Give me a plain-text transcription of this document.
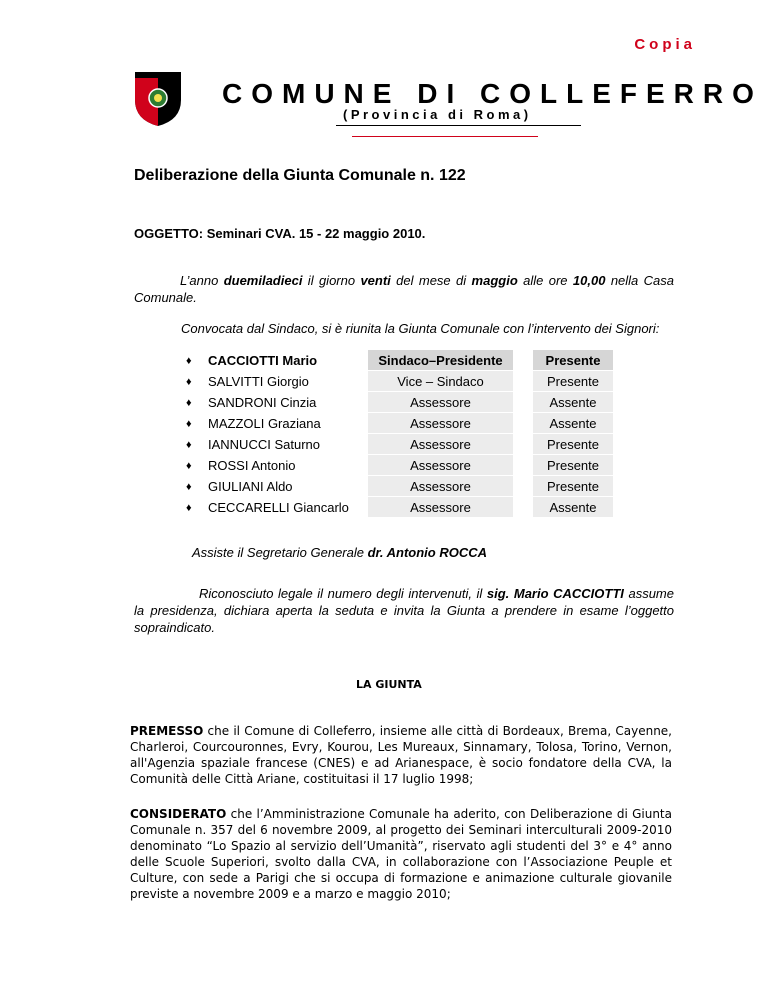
Copia
COMUNE DI COLLEFERRO
(Provincia di Roma)
Deliberazione della Giunta Comunale n. 122
OGGETTO: Seminari CVA. 15 - 22 maggio 2010.
L’anno duemiladieci il giorno venti del mese di maggio alle ore 10,00 nella Casa Comunale.
Convocata dal Sindaco, si è riunita la Giunta Comunale con l’intervento dei Signori:
♦	CACCIOTTI Mario	Sindaco–Presidente		Presente
♦	SALVITTI Giorgio	Vice – Sindaco		Presente
♦	SANDRONI Cinzia	Assessore		Assente
♦	MAZZOLI Graziana	Assessore		Assente
♦	IANNUCCI Saturno	Assessore		Presente
♦	ROSSI Antonio	Assessore		Presente
♦	GIULIANI Aldo	Assessore		Presente
♦	CECCARELLI Giancarlo	Assessore		Assente
Assiste il Segretario Generale dr. Antonio ROCCA
Riconosciuto legale il numero degli intervenuti, il sig. Mario CACCIOTTI assume la presidenza, dichiara aperta la seduta e invita la Giunta a prendere in esame l’oggetto sopraindicato.
LA GIUNTA
PREMESSO che il Comune di Colleferro, insieme alle città di Bordeaux, Brema, Cayenne, Charleroi, Courcouronnes, Evry, Kourou, Les Mureaux, Sinnamary, Tolosa, Torino, Vernon, all'Agenzia spaziale francese (CNES) e ad Arianespace, è socio fondatore della CVA, la Comunità delle Città Ariane, costituitasi il 17 luglio 1998;
CONSIDERATO che l’Amministrazione Comunale ha aderito, con Deliberazione di Giunta Comunale n. 357 del 6 novembre 2009, al progetto dei Seminari interculturali 2009-2010 denominato “Lo Spazio al servizio dell’Umanità”, riservato agli studenti del 3° e 4° anno delle Scuole Superiori, svolto dalla CVA, in collaborazione con l’Associazione Peuple et Culture, con sede a Parigi che si occupa di formazione e animazione culturale giovanile previste a novembre 2009 e a marzo e maggio 2010;
